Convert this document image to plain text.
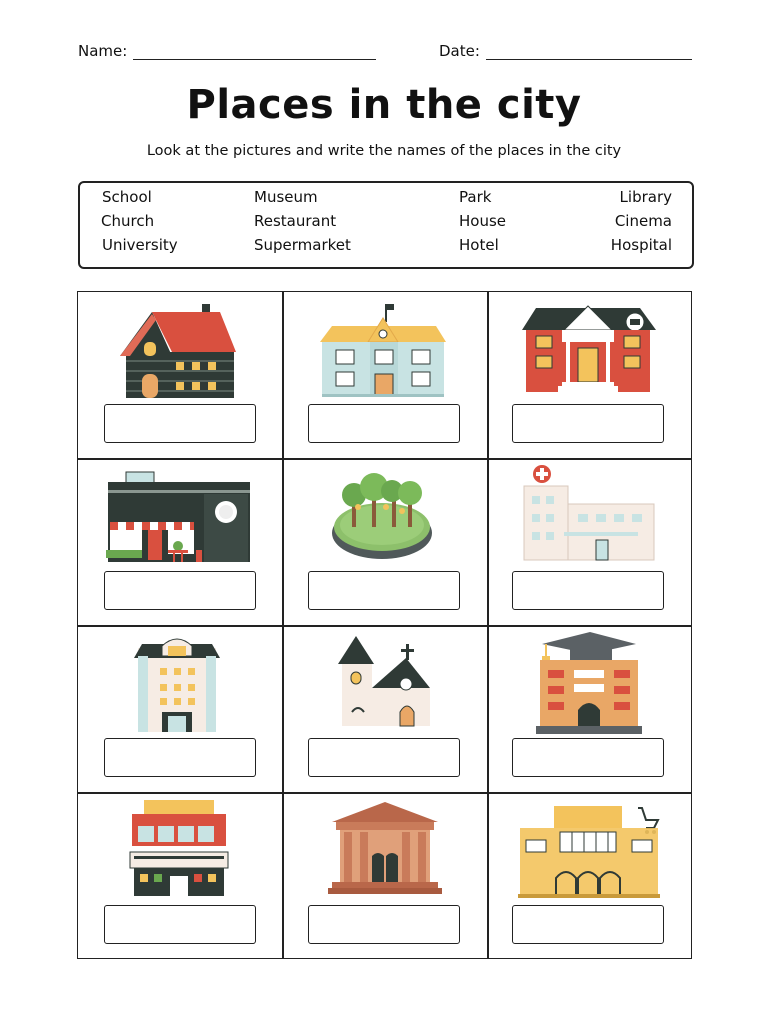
Name:	Date:
Places in the city
Look at the pictures and write the names of the places in the city
School	Museum	Park	Library
Church	Restaurant	House	Cinema
University	Supermarket	Hotel	Hospital
